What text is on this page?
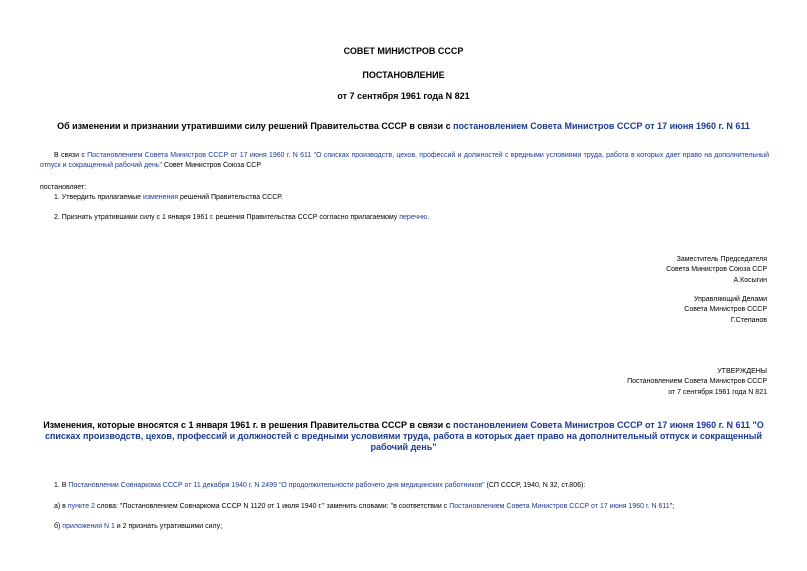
СОВЕТ МИНИСТРОВ СССР
ПОСТАНОВЛЕНИЕ
от 7 сентября 1961 года N 821
Об изменении и признании утратившими силу решений Правительства СССР в связи с постановлением Совета Министров СССР от 17 июня 1960 г. N 611
В связи с Постановлением Совета Министров СССР от 17 июня 1960 г. N 611 "О списках производств, цехов, профессий и должностей с вредными условиями труда, работа в которых дает право на дополнительный отпуск и сокращенный рабочий день" Совет Министров Союза ССР
постановляет:
1. Утвердить прилагаемые изменения решений Правительства СССР.
2. Признать утратившими силу с 1 января 1961 г. решения Правительства СССР согласно прилагаемому перечню.
Заместитель Председателя
Совета Министров Союза ССР
А.Косыгин
Управляющий Делами
Совета Министров СССР
Г.Степанов
УТВЕРЖДЕНЫ
Постановлением Совета Министров СССР
от 7 сентября 1961 года N 821
Изменения, которые вносятся с 1 января 1961 г. в решения Правительства СССР в связи с постановлением Совета Министров СССР от 17 июня 1960 г. N 611 "О списках производств, цехов, профессий и должностей с вредными условиями труда, работа в которых дает право на дополнительный отпуск и сокращенный рабочий день"
1. В Постановлении Совнаркома СССР от 11 декабря 1940 г. N 2499 "О продолжительности рабочего дня медицинских работников" (СП СССР, 1940, N 32, ст.806):
а) в пункте 2 слова: "Постановлением Совнаркома СССР N 1120 от 1 июля 1940 г." заменить словами: "в соответствии с Постановлением Совета Министров СССР от 17 июня 1960 г. N 611";
б) приложения N 1 и 2 признать утратившими силу;
